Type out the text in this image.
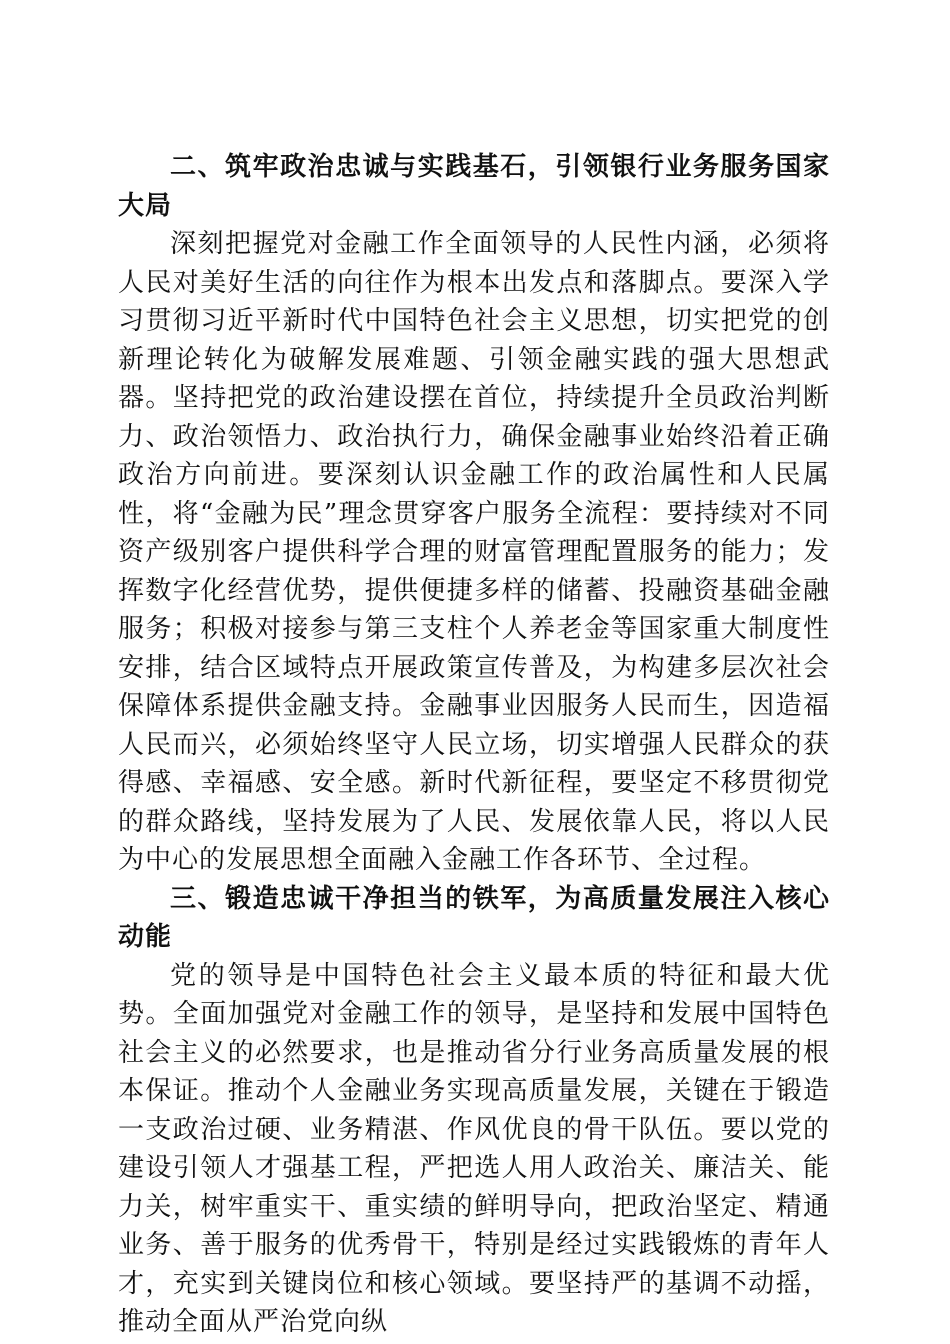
二、筑牢政治忠诚与实践基石，引领银行业务服务国家大局

深刻把握党对金融工作全面领导的人民性内涵，必须将人民对美好生活的向往作为根本出发点和落脚点。要深入学习贯彻习近平新时代中国特色社会主义思想，切实把党的创新理论转化为破解发展难题、引领金融实践的强大思想武器。坚持把党的政治建设摆在首位，持续提升全员政治判断力、政治领悟力、政治执行力，确保金融事业始终沿着正确政治方向前进。要深刻认识金融工作的政治属性和人民属性，将“金融为民”理念贯穿客户服务全流程：要持续对不同资产级别客户提供科学合理的财富管理配置服务的能力；发挥数字化经营优势，提供便捷多样的储蓄、投融资基础金融服务；积极对接参与第三支柱个人养老金等国家重大制度性安排，结合区域特点开展政策宣传普及，为构建多层次社会保障体系提供金融支持。金融事业因服务人民而生，因造福人民而兴，必须始终坚守人民立场，切实增强人民群众的获得感、幸福感、安全感。新时代新征程，要坚定不移贯彻党的群众路线，坚持发展为了人民、发展依靠人民，将以人民为中心的发展思想全面融入金融工作各环节、全过程。

三、锻造忠诚干净担当的铁军，为高质量发展注入核心动能

党的领导是中国特色社会主义最本质的特征和最大优势。全面加强党对金融工作的领导，是坚持和发展中国特色社会主义的必然要求，也是推动省分行业务高质量发展的根本保证。推动个人金融业务实现高质量发展，关键在于锻造一支政治过硬、业务精湛、作风优良的骨干队伍。要以党的建设引领人才强基工程，严把选人用人政治关、廉洁关、能力关，树牢重实干、重实绩的鲜明导向，把政治坚定、精通业务、善于服务的优秀骨干，特别是经过实践锻炼的青年人才，充实到关键岗位和核心领域。要坚持严的基调不动摇，推动全面从严治党向纵
